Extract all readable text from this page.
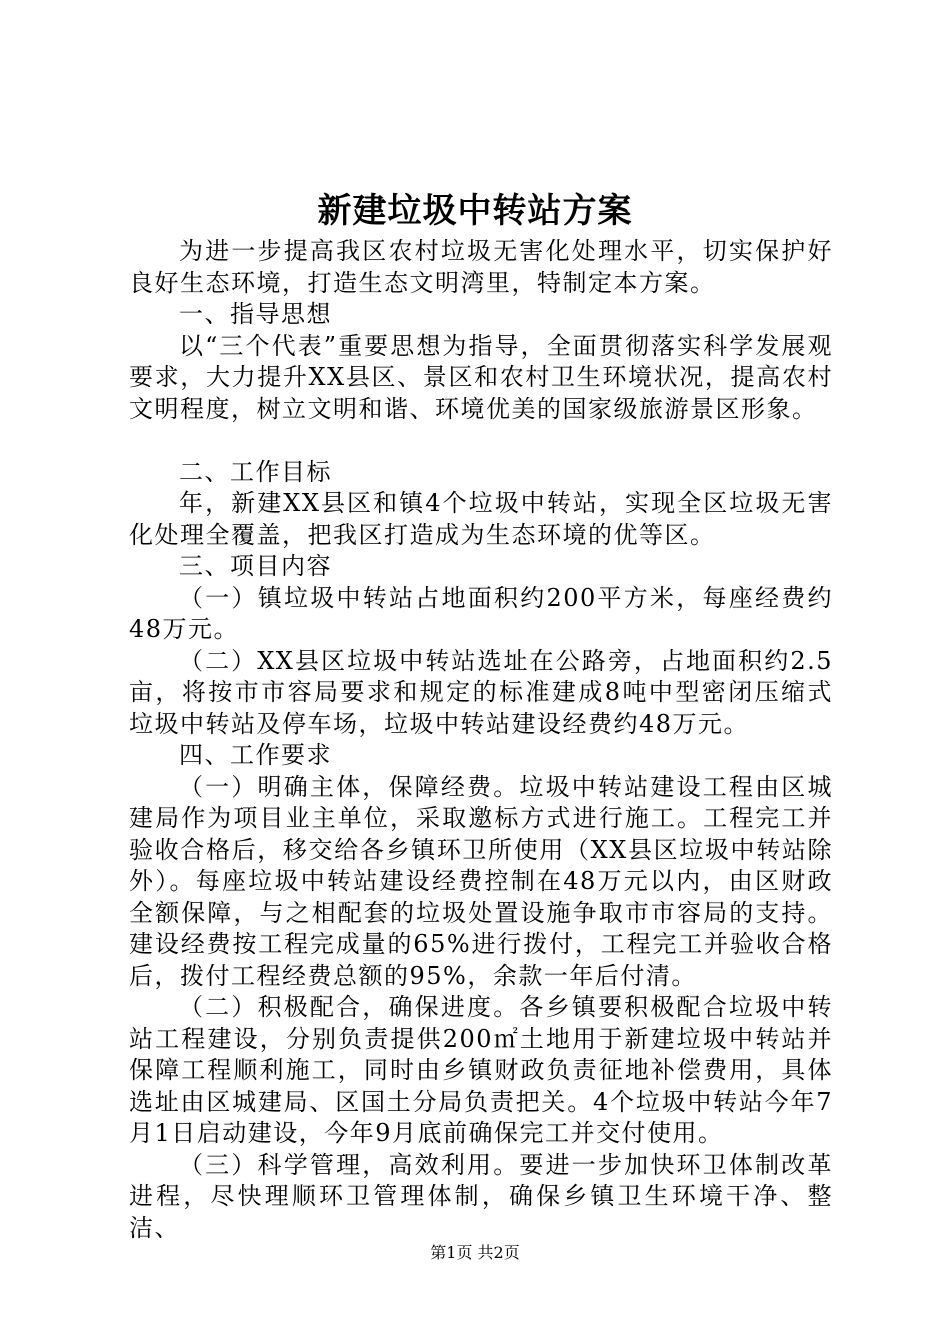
新建垃圾中转站方案

为进一步提高我区农村垃圾无害化处理水平，切实保护好良好生态环境，打造生态文明湾里，特制定本方案。

一、指导思想

以“三个代表”重要思想为指导，全面贯彻落实科学发展观要求，大力提升XX县区、景区和农村卫生环境状况，提高农村文明程度，树立文明和谐、环境优美的国家级旅游景区形象。

二、工作目标

年，新建XX县区和镇4个垃圾中转站，实现全区垃圾无害化处理全覆盖，把我区打造成为生态环境的优等区。

三、项目内容

（一）镇垃圾中转站占地面积约200平方米，每座经费约48万元。

（二）XX县区垃圾中转站选址在公路旁，占地面积约2.5亩，将按市市容局要求和规定的标准建成8吨中型密闭压缩式垃圾中转站及停车场，垃圾中转站建设经费约48万元。

四、工作要求

（一）明确主体，保障经费。垃圾中转站建设工程由区城建局作为项目业主单位，采取邀标方式进行施工。工程完工并验收合格后，移交给各乡镇环卫所使用（XX县区垃圾中转站除外）。每座垃圾中转站建设经费控制在48万元以内，由区财政全额保障，与之相配套的垃圾处置设施争取市市容局的支持。建设经费按工程完成量的65%进行拨付，工程完工并验收合格后，拨付工程经费总额的95%，余款一年后付清。

（二）积极配合，确保进度。各乡镇要积极配合垃圾中转站工程建设，分别负责提供200㎡土地用于新建垃圾中转站并保障工程顺利施工，同时由乡镇财政负责征地补偿费用，具体选址由区城建局、区国土分局负责把关。4个垃圾中转站今年7月1日启动建设，今年9月底前确保完工并交付使用。

（三）科学管理，高效利用。要进一步加快环卫体制改革进程，尽快理顺环卫管理体制，确保乡镇卫生环境干净、整洁、

第1页 共2页
